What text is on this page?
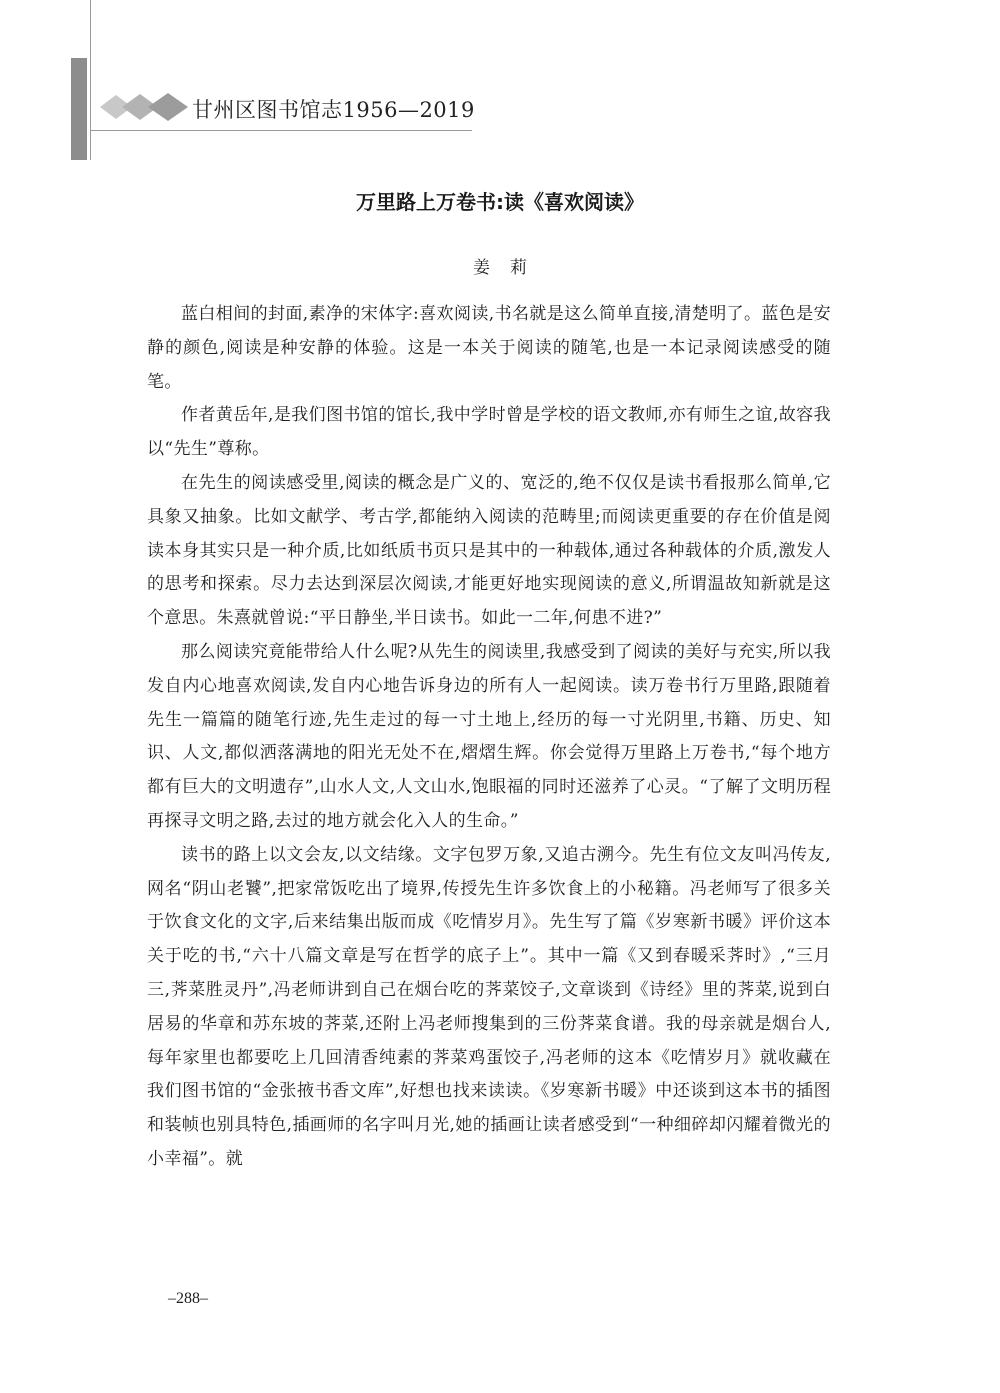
甘州区图书馆志1956—2019
万里路上万卷书:读《喜欢阅读》
姜莉

蓝白相间的封面,素净的宋体字:喜欢阅读,书名就是这么简单直接,清楚明了。蓝色是安静的颜色,阅读是种安静的体验。这是一本关于阅读的随笔,也是一本记录阅读感受的随笔。

作者黄岳年,是我们图书馆的馆长,我中学时曾是学校的语文教师,亦有师生之谊,故容我以“先生”尊称。

在先生的阅读感受里,阅读的概念是广义的、宽泛的,绝不仅仅是读书看报那么简单,它具象又抽象。比如文献学、考古学,都能纳入阅读的范畴里;而阅读更重要的存在价值是阅读本身其实只是一种介质,比如纸质书页只是其中的一种载体,通过各种载体的介质,激发人的思考和探索。尽力去达到深层次阅读,才能更好地实现阅读的意义,所谓温故知新就是这个意思。朱熹就曾说:“平日静坐,半日读书。如此一二年,何患不进?”

那么阅读究竟能带给人什么呢?从先生的阅读里,我感受到了阅读的美好与充实,所以我发自内心地喜欢阅读,发自内心地告诉身边的所有人一起阅读。读万卷书行万里路,跟随着先生一篇篇的随笔行迹,先生走过的每一寸土地上,经历的每一寸光阴里,书籍、历史、知识、人文,都似洒落满地的阳光无处不在,熠熠生辉。你会觉得万里路上万卷书,“每个地方都有巨大的文明遗存”,山水人文,人文山水,饱眼福的同时还滋养了心灵。“了解了文明历程再探寻文明之路,去过的地方就会化入人的生命。”

读书的路上以文会友,以文结缘。文字包罗万象,又追古溯今。先生有位文友叫冯传友,网名“阴山老饕”,把家常饭吃出了境界,传授先生许多饮食上的小秘籍。冯老师写了很多关于饮食文化的文字,后来结集出版而成《吃情岁月》。先生写了篇《岁寒新书暖》评价这本关于吃的书,“六十八篇文章是写在哲学的底子上”。其中一篇《又到春暖采荠时》,“三月三,荠菜胜灵丹”,冯老师讲到自己在烟台吃的荠菜饺子,文章谈到《诗经》里的荠菜,说到白居易的华章和苏东坡的荠菜,还附上冯老师搜集到的三份荠菜食谱。我的母亲就是烟台人,每年家里也都要吃上几回清香纯素的荠菜鸡蛋饺子,冯老师的这本《吃情岁月》就收藏在我们图书馆的“金张掖书香文库”,好想也找来读读。《岁寒新书暖》中还谈到这本书的插图和装帧也别具特色,插画师的名字叫月光,她的插画让读者感受到“一种细碎却闪耀着微光的小幸福”。就

–288–
